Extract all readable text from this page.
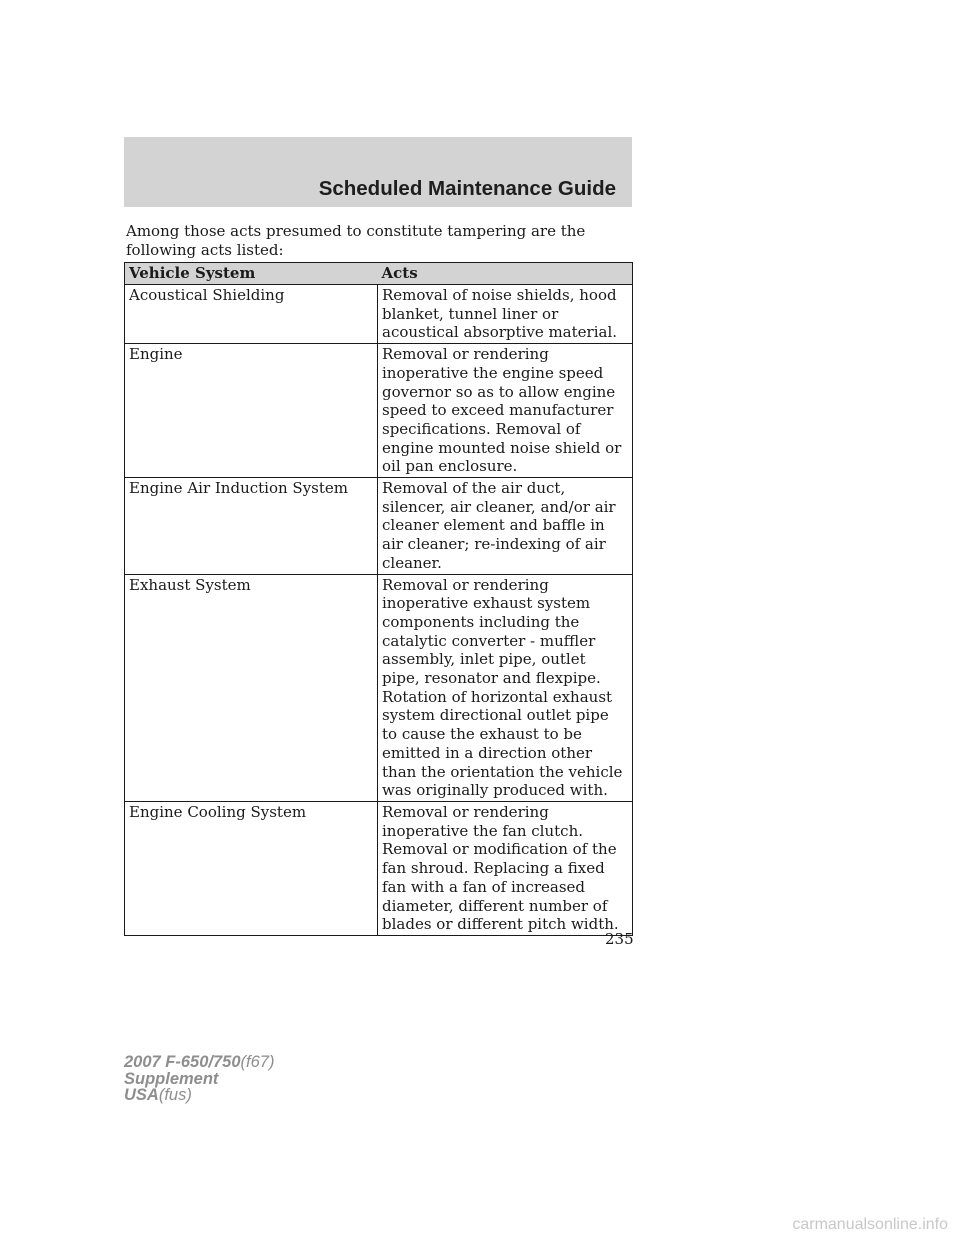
Scheduled Maintenance Guide
Among those acts presumed to constitute tampering are the following acts listed:
Vehicle System	Acts
Acoustical Shielding	Removal of noise shields, hood blanket, tunnel liner or acoustical absorptive material.
Engine	Removal or rendering inoperative the engine speed governor so as to allow engine speed to exceed manufacturer specifications. Removal of engine mounted noise shield or oil pan enclosure.
Engine Air Induction System	Removal of the air duct, silencer, air cleaner, and/or air cleaner element and baffle in air cleaner; re-indexing of air cleaner.
Exhaust System	Removal or rendering inoperative exhaust system components including the catalytic converter - muffler assembly, inlet pipe, outlet pipe, resonator and flexpipe. Rotation of horizontal exhaust system directional outlet pipe to cause the exhaust to be emitted in a direction other than the orientation the vehicle was originally produced with.
Engine Cooling System	Removal or rendering inoperative the fan clutch. Removal or modification of the fan shroud. Replacing a fixed fan with a fan of increased diameter, different number of blades or different pitch width.
235
2007 F-650/750(f67)
Supplement
USA(fus)
carmanualsonline.info
